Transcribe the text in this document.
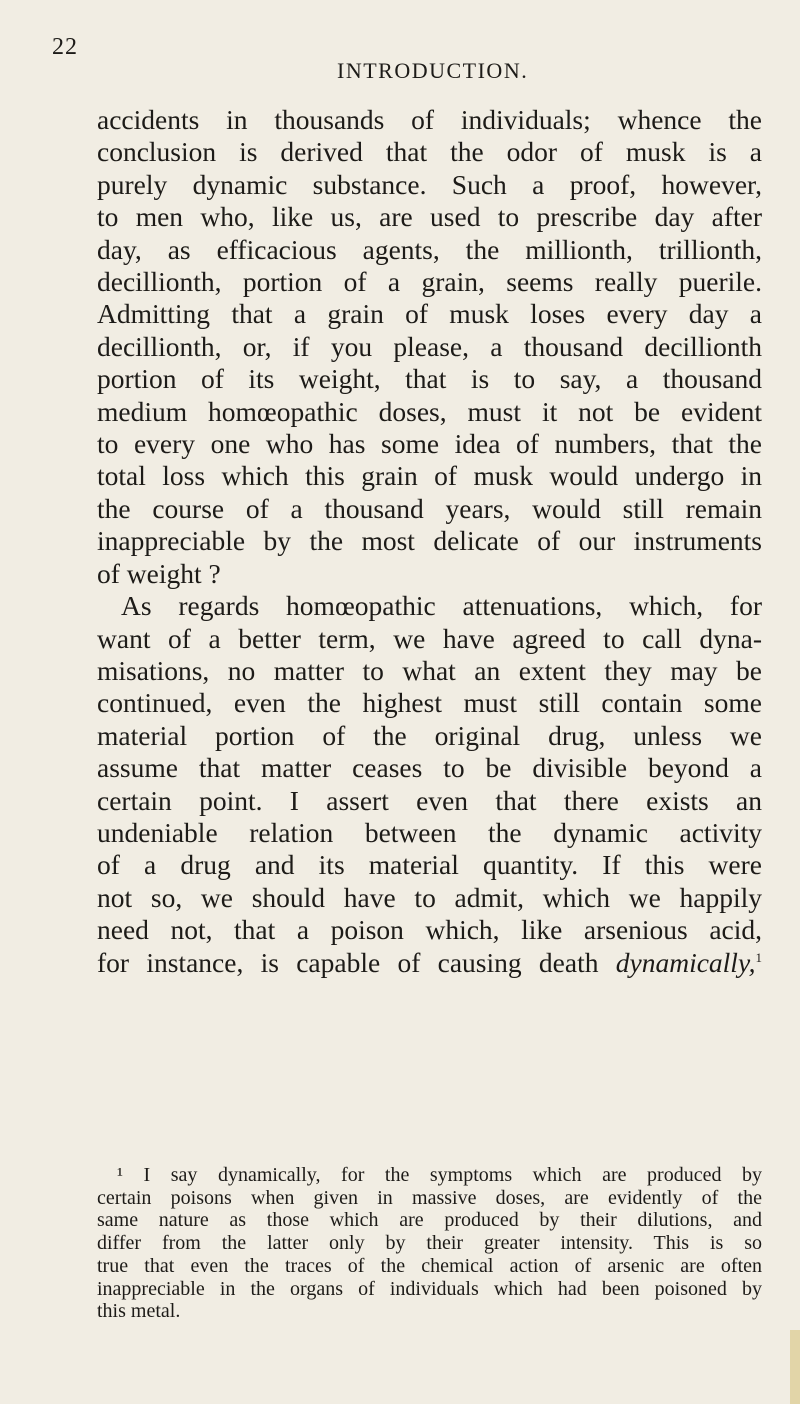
22
INTRODUCTION.
accidents in thousands of individuals; whence the
conclusion is derived that the odor of musk is a
purely dynamic substance. Such a proof, however,
to men who, like us, are used to prescribe day after
day, as efficacious agents, the millionth, trillionth,
decillionth, portion of a grain, seems really puerile.
Admitting that a grain of musk loses every day a
decillionth, or, if you please, a thousand decillionth
portion of its weight, that is to say, a thousand
medium homœopathic doses, must it not be evident
to every one who has some idea of numbers, that the
total loss which this grain of musk would undergo in
the course of a thousand years, would still remain
inappreciable by the most delicate of our instruments
of weight ?
As regards homœopathic attenuations, which, for
want of a better term, we have agreed to call dyna-
misations, no matter to what an extent they may be
continued, even the highest must still contain some
material portion of the original drug, unless we
assume that matter ceases to be divisible beyond a
certain point. I assert even that there exists an
undeniable relation between the dynamic activity
of a drug and its material quantity. If this were
not so, we should have to admit, which we happily
need not, that a poison which, like arsenious acid,
for instance, is capable of causing death dynamically,$^1$
¹ I say dynamically, for the symptoms which are produced by
certain poisons when given in massive doses, are evidently of the
same nature as those which are produced by their dilutions, and
differ from the latter only by their greater intensity. This is so
true that even the traces of the chemical action of arsenic are often
inappreciable in the organs of individuals which had been poisoned by
this metal.
